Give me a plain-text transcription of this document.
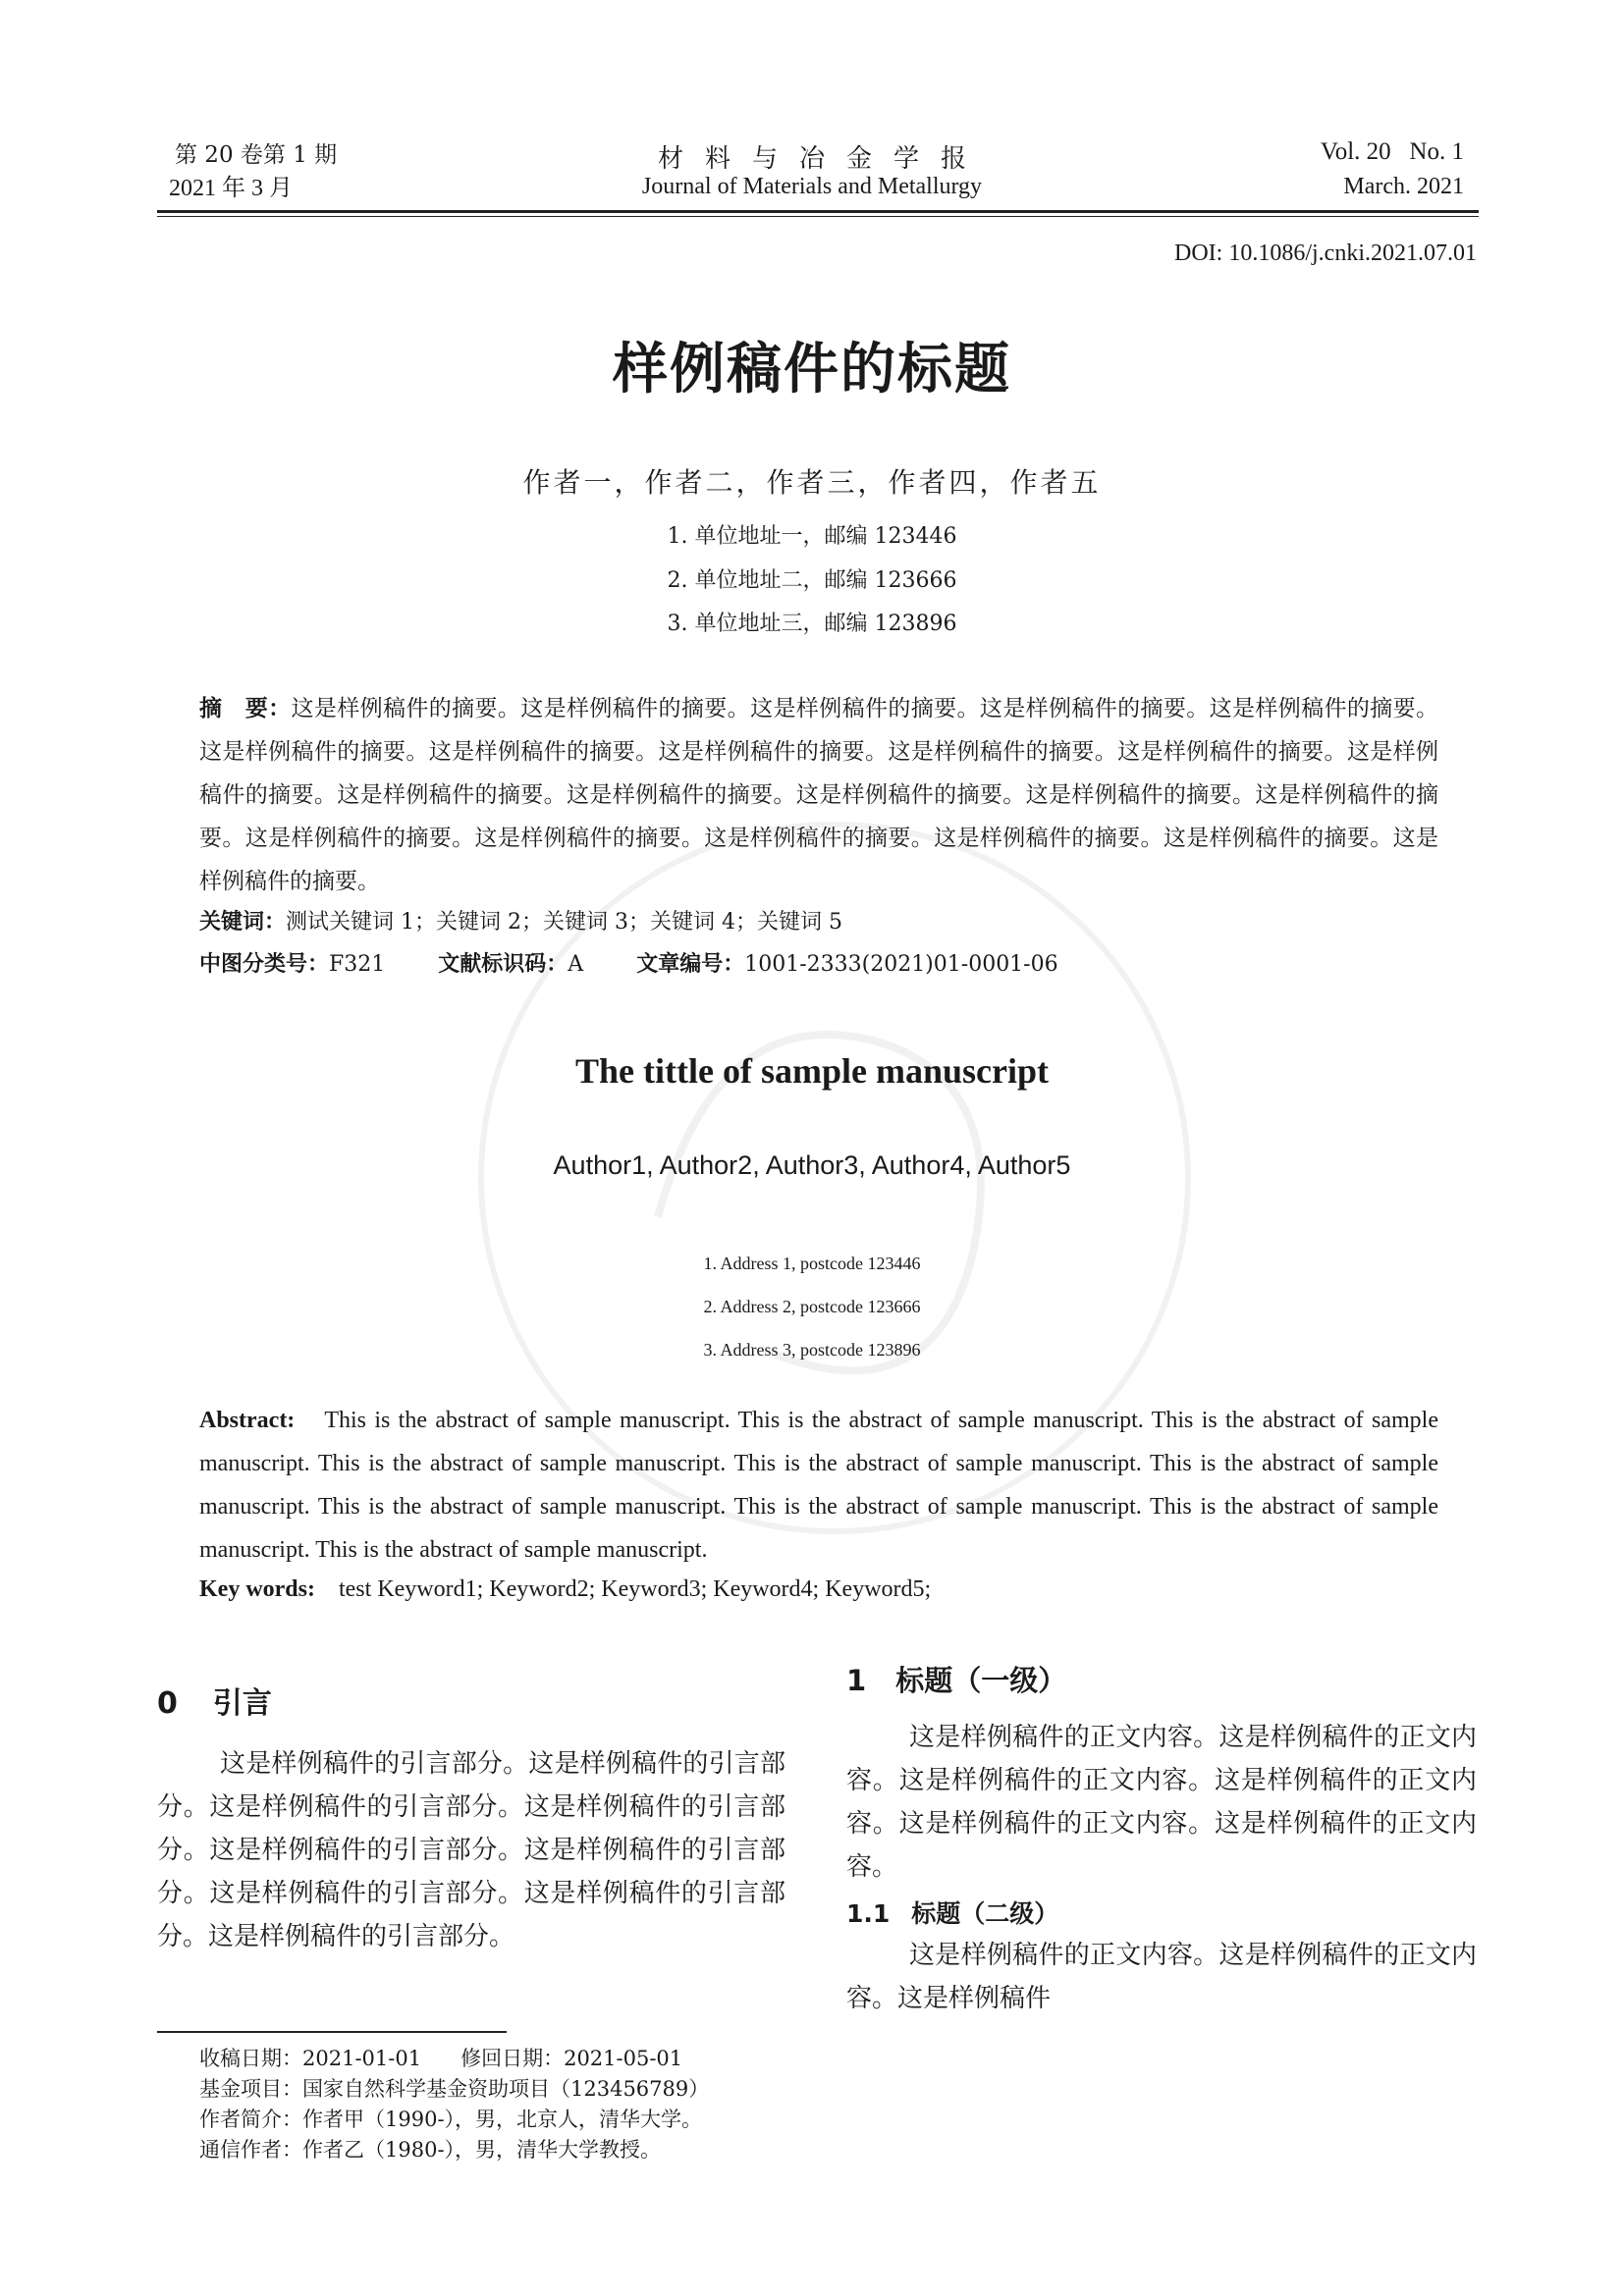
第 20 卷第 1 期
2021 年 3 月
材料与冶金学报
Journal of Materials and Metallurgy
Vol. 20   No. 1
March. 2021
DOI: 10.1086/j.cnki.2021.07.01
样例稿件的标题
作者一，作者二，作者三，作者四，作者五
1. 单位地址一，邮编 123446
2. 单位地址二，邮编 123666
3. 单位地址三，邮编 123896
摘　要：这是样例稿件的摘要。这是样例稿件的摘要。这是样例稿件的摘要。这是样例稿件的摘要。这是样例稿件的摘要。这是样例稿件的摘要。这是样例稿件的摘要。这是样例稿件的摘要。这是样例稿件的摘要。这是样例稿件的摘要。这是样例稿件的摘要。这是样例稿件的摘要。这是样例稿件的摘要。这是样例稿件的摘要。这是样例稿件的摘要。这是样例稿件的摘要。这是样例稿件的摘要。这是样例稿件的摘要。这是样例稿件的摘要。这是样例稿件的摘要。这是样例稿件的摘要。这是样例稿件的摘要。
关键词：测试关键词 1；关键词 2；关键词 3；关键词 4；关键词 5
中图分类号：F321 文献标识码：A 文章编号：1001-2333(2021)01-0001-06
The tittle of sample manuscript
Author1, Author2, Author3, Author4, Author5
1. Address 1, postcode 123446
2. Address 2, postcode 123666
3. Address 3, postcode 123896
Abstract: This is the abstract of sample manuscript. This is the abstract of sample manuscript. This is the abstract of sample manuscript. This is the abstract of sample manuscript. This is the abstract of sample manuscript. This is the abstract of sample manuscript. This is the abstract of sample manuscript. This is the abstract of sample manuscript. This is the abstract of sample manuscript. This is the abstract of sample manuscript.
Key words: test Keyword1; Keyword2; Keyword3; Keyword4; Keyword5;
0 引言
这是样例稿件的引言部分。这是样例稿件的引言部分。这是样例稿件的引言部分。这是样例稿件的引言部分。这是样例稿件的引言部分。这是样例稿件的引言部分。这是样例稿件的引言部分。这是样例稿件的引言部分。这是样例稿件的引言部分。
1 标题（一级）
这是样例稿件的正文内容。这是样例稿件的正文内容。这是样例稿件的正文内容。这是样例稿件的正文内容。这是样例稿件的正文内容。这是样例稿件的正文内容。
1.1 标题（二级）
这是样例稿件的正文内容。这是样例稿件的正文内容。这是样例稿件
收稿日期：2021-01-01 修回日期：2021-05-01
基金项目：国家自然科学基金资助项目（123456789）
作者简介：作者甲（1990-），男，北京人，清华大学。
通信作者：作者乙（1980-），男，清华大学教授。
